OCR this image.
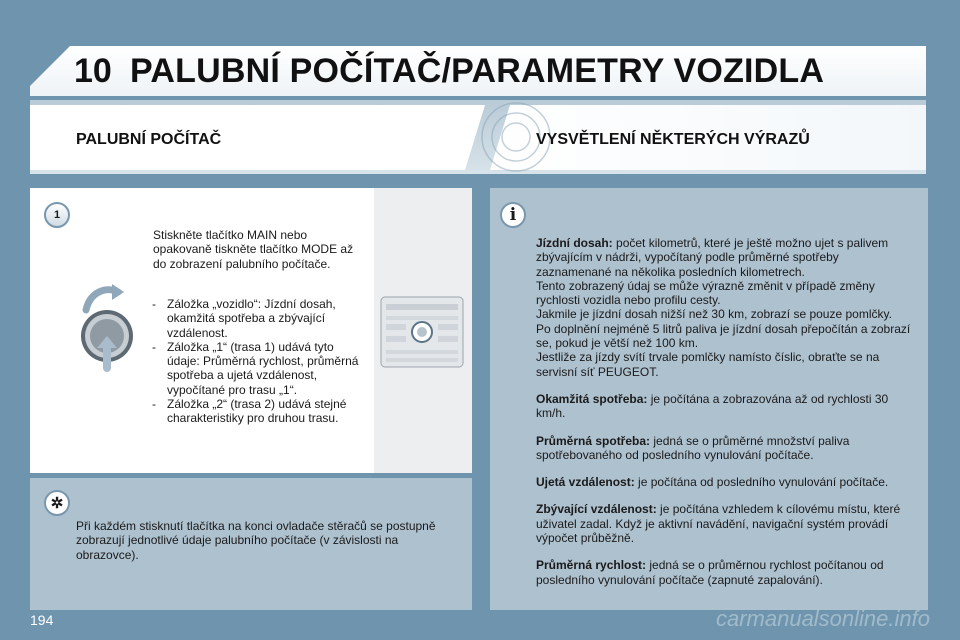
10 PALUBNÍ POČÍTAČ/PARAMETRY VOZIDLA
PALUBNÍ POČÍTAČ	VYSVĚTLENÍ NĚKTERÝCH VÝRAZŮ
1
Stiskněte tlačítko MAIN nebo opakovaně tiskněte tlačítko MODE až do zobrazení palubního počítače.
- Záložka „vozidlo“: Jízdní dosah, okamžitá spotřeba a zbývající vzdálenost.
- Záložka „1“ (trasa 1) udává tyto údaje: Průměrná rychlost, průměrná spotřeba a ujetá vzdálenost, vypočítané pro trasu „1“.
- Záložka „2“ (trasa 2) udává stejné charakteristiky pro druhou trasu.
✲
Při každém stisknutí tlačítka na konci ovladače stěračů se postupně zobrazují jednotlivé údaje palubního počítače (v závislosti na obrazovce).
i
Jízdní dosah: počet kilometrů, které je ještě možno ujet s palivem zbývajícím v nádrži, vypočítaný podle průměrné spotřeby zaznamenané na několika posledních kilometrech.
Tento zobrazený údaj se může výrazně změnit v případě změny rychlosti vozidla nebo profilu cesty.
Jakmile je jízdní dosah nižší než 30 km, zobrazí se pouze pomlčky.
Po doplnění nejméně 5 litrů paliva je jízdní dosah přepočítán a zobrazí se, pokud je větší než 100 km.
Jestliže za jízdy svítí trvale pomlčky namísto číslic, obraťte se na servisní síť PEUGEOT.
Okamžitá spotřeba: je počítána a zobrazována až od rychlosti 30 km/h.
Průměrná spotřeba: jedná se o průměrné množství paliva spotřebovaného od posledního vynulování počítače.
Ujetá vzdálenost: je počítána od posledního vynulování počítače.
Zbývající vzdálenost: je počítána vzhledem k cílovému místu, které uživatel zadal. Když je aktivní navádění, navigační systém provádí výpočet průběžně.
Průměrná rychlost: jedná se o průměrnou rychlost počítanou od posledního vynulování počítače (zapnuté zapalování).
194	carmanualsonline.info
